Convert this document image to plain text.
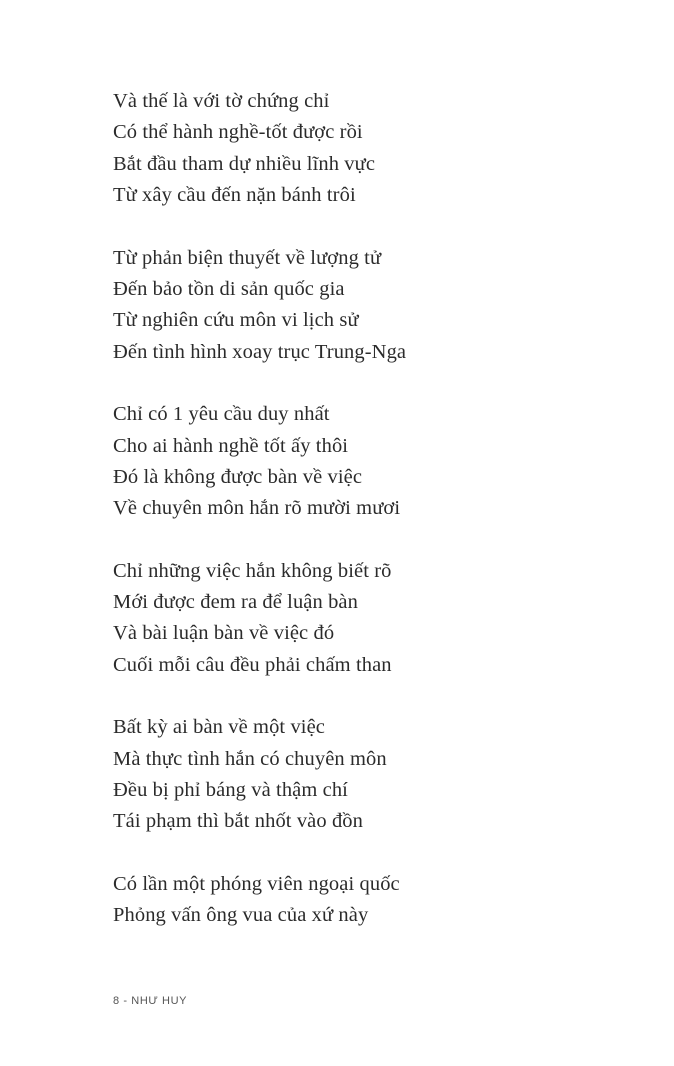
Và thế là với tờ chứng chỉ
Có thể hành nghề-tốt được rồi
Bắt đầu tham dự nhiều lĩnh vực
Từ xây cầu đến nặn bánh trôi
Từ phản biện thuyết về lượng tử
Đến bảo tồn di sản quốc gia
Từ nghiên cứu môn vi lịch sử
Đến tình hình xoay trục Trung-Nga
Chỉ có 1 yêu cầu duy nhất
Cho ai hành nghề tốt ấy thôi
Đó là không được bàn về việc
Về chuyên môn hắn rõ mười mươi
Chỉ những việc hắn không biết rõ
Mới được đem ra để luận bàn
Và bài luận bàn về việc đó
Cuối mỗi câu đều phải chấm than
Bất kỳ ai bàn về một việc
Mà thực tình hắn có chuyên môn
Đều bị phỉ báng và thậm chí
Tái phạm thì bắt nhốt vào đồn
Có lần một phóng viên ngoại quốc
Phỏng vấn ông vua của xứ này
8 - NHƯ HUY
